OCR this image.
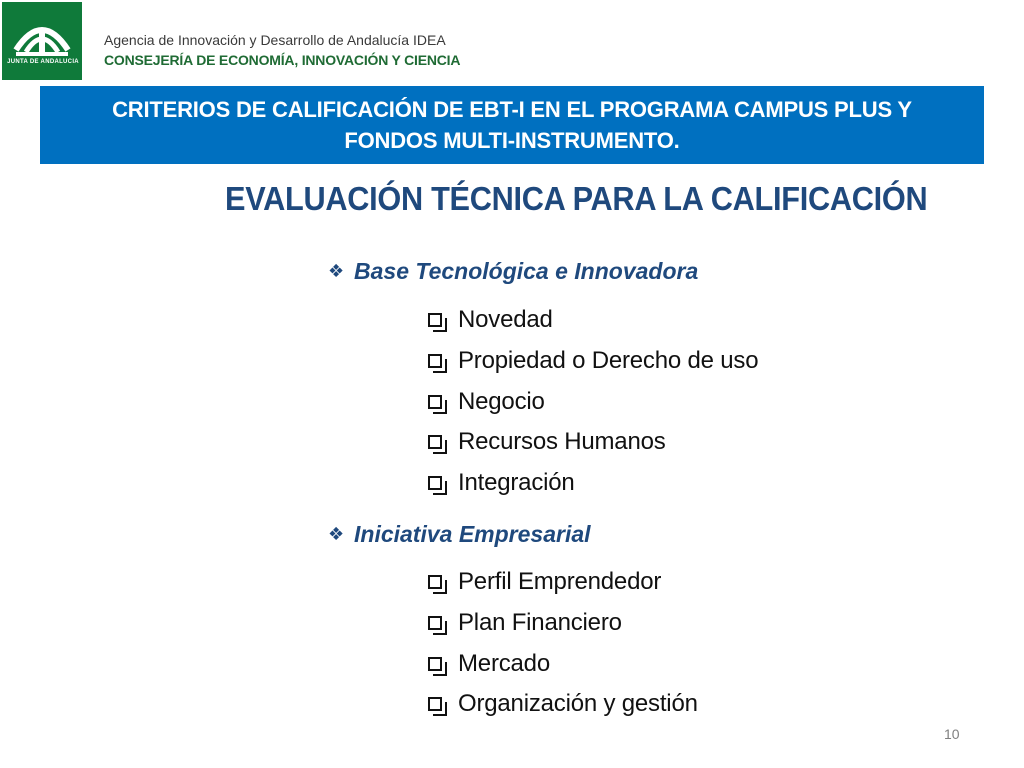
JUNTA DE ANDALUCIA
Agencia de Innovación y Desarrollo de Andalucía IDEA
CONSEJERÍA DE ECONOMÍA, INNOVACIÓN Y CIENCIA
CRITERIOS DE CALIFICACIÓN DE EBT-I EN EL PROGRAMA CAMPUS PLUS Y
FONDOS MULTI-INSTRUMENTO.
EVALUACIÓN TÉCNICA PARA LA CALIFICACIÓN
❖ Base Tecnológica e Innovadora
Novedad
Propiedad o Derecho de uso
Negocio
Recursos Humanos
Integración
❖ Iniciativa Empresarial
Perfil Emprendedor
Plan Financiero
Mercado
Organización y gestión
10
